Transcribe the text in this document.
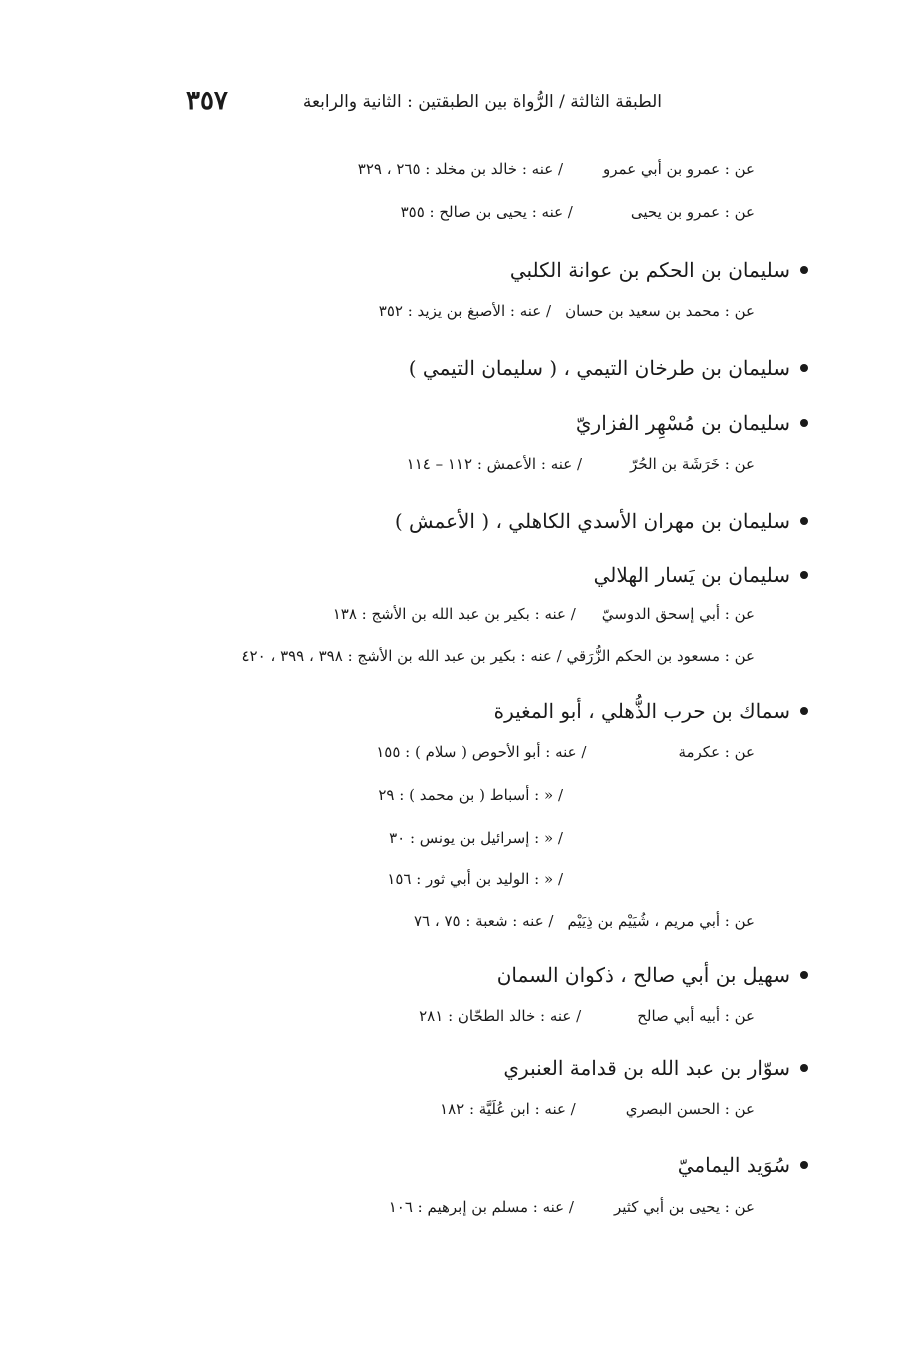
٣٥٧	الطبقة الثالثة / الرُّواة بين الطبقتين : الثانية والرابعة
عن : عمرو بن أبي عمرو/ عنه : خالد بن مخلد : ٢٦٥ ، ٣٢٩
عن : عمرو بن يحيى/ عنه : يحيى بن صالح : ٣٥٥
سليمان بن الحكم بن عوانة الكلبي
عن : محمد بن سعيد بن حسان/ عنه : الأصبغ بن يزيد : ٣٥٢
سليمان بن طرخان التيمي ، ( سليمان التيمي )
سليمان بن مُسْهِر الفزاريّ
عن : خَرَشَة بن الحُرّ/ عنه : الأعمش : ١١٢ – ١١٤
سليمان بن مهران الأسدي الكاهلي ، ( الأعمش )
سليمان بن يَسار الهلالي
عن : أبي إسحق الدوسيّ/ عنه : بكير بن عبد الله بن الأشج : ١٣٨
عن : مسعود بن الحكم الزُّرَقي / عنه : بكير بن عبد الله بن الأشج : ٣٩٨ ، ٣٩٩ ، ٤٢٠
سماك بن حرب الذُّهلي ، أبو المغيرة
عن : عكرمة/ عنه : أبو الأحوص ( سلام ) : ١٥٥
/ « : أسباط ( بن محمد ) : ٢٩
/ « : إسرائيل بن يونس : ٣٠
/ « : الوليد بن أبي ثور : ١٥٦
عن : أبي مريم ، شُيَيْم بن ذِيَيْم/ عنه : شعبة : ٧٥ ، ٧٦
سهيل بن أبي صالح ، ذكوان السمان
عن : أبيه أبي صالح/ عنه : خالد الطحّان : ٢٨١
سوّار بن عبد الله بن قدامة العنبري
عن : الحسن البصري/ عنه : ابن عُلَيَّة : ١٨٢
سُوَيد اليماميّ
عن : يحيى بن أبي كثير/ عنه : مسلم بن إبرهيم : ١٠٦
